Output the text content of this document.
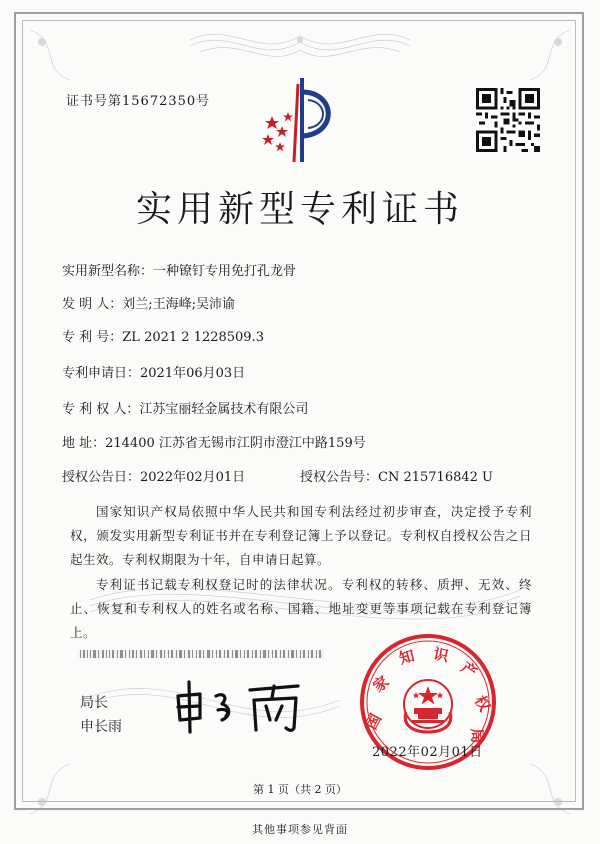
证书号第15672350号
实用新型专利证书
实用新型名称：一种镣钉专用免打孔龙骨
发 明 人：刘兰;王海峰;吴沛谕
专 利 号：ZL 2021 2 1228509.3
专利申请日：2021年06月03日
专 利 权 人：江苏宝丽轻金属技术有限公司
地 址：214400 江苏省无锡市江阴市澄江中路159号
授权公告日：2022年02月01日	授权公告号：CN 215716842 U
国家知识产权局依照中华人民共和国专利法经过初步审查，决定授予专利权，颁发实用新型专利证书并在专利登记簿上予以登记。专利权自授权公告之日起生效。专利权期限为十年，自申请日起算。
专利证书记载专利权登记时的法律状况。专利权的转移、质押、无效、终止、恢复和专利权人的姓名或名称、国籍、地址变更等事项记载在专利登记簿上。
局长
申长雨	国
家
知 识
产
权
局
2022年02月01日
第 1 页（共 2 页）
其他事项参见背面
